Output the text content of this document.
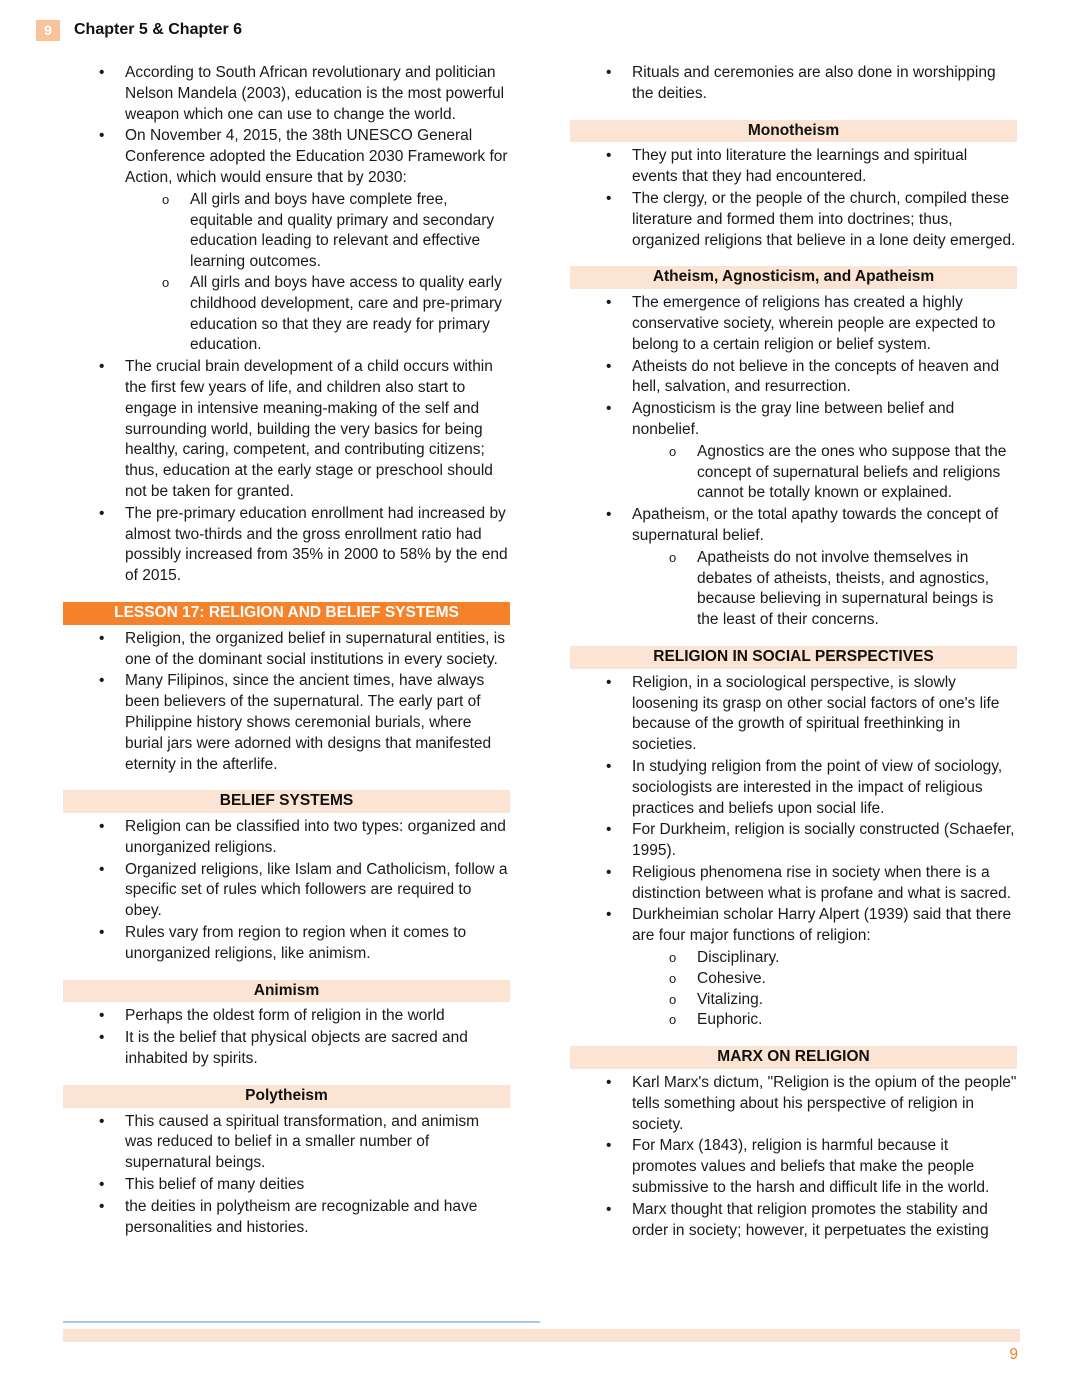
9	Chapter 5 & Chapter 6
• According to South African revolutionary and politician Nelson Mandela (2003), education is the most powerful weapon which one can use to change the world.
• On November 4, 2015, the 38th UNESCO General Conference adopted the Education 2030 Framework for Action, which would ensure that by 2030:
o All girls and boys have complete free, equitable and quality primary and secondary education leading to relevant and effective learning outcomes.
o All girls and boys have access to quality early childhood development, care and pre-primary education so that they are ready for primary education.
• The crucial brain development of a child occurs within the first few years of life, and children also start to engage in intensive meaning-making of the self and surrounding world, building the very basics for being healthy, caring, competent, and contributing citizens; thus, education at the early stage or preschool should not be taken for granted.
• The pre-primary education enrollment had increased by almost two-thirds and the gross enrollment ratio had possibly increased from 35% in 2000 to 58% by the end of 2015.
LESSON 17: RELIGION AND BELIEF SYSTEMS
• Religion, the organized belief in supernatural entities, is one of the dominant social institutions in every society.
• Many Filipinos, since the ancient times, have always been believers of the supernatural. The early part of Philippine history shows ceremonial burials, where burial jars were adorned with designs that manifested eternity in the afterlife.
BELIEF SYSTEMS
• Religion can be classified into two types: organized and unorganized religions.
• Organized religions, like Islam and Catholicism, follow a specific set of rules which followers are required to obey.
• Rules vary from region to region when it comes to unorganized religions, like animism.
Animism
• Perhaps the oldest form of religion in the world
• It is the belief that physical objects are sacred and inhabited by spirits.
Polytheism
• This caused a spiritual transformation, and animism was reduced to belief in a smaller number of supernatural beings.
• This belief of many deities
• the deities in polytheism are recognizable and have personalities and histories.
• Rituals and ceremonies are also done in worshipping the deities.
Monotheism
• They put into literature the learnings and spiritual events that they had encountered.
• The clergy, or the people of the church, compiled these literature and formed them into doctrines; thus, organized religions that believe in a lone deity emerged.
Atheism, Agnosticism, and Apatheism
• The emergence of religions has created a highly conservative society, wherein people are expected to belong to a certain religion or belief system.
• Atheists do not believe in the concepts of heaven and hell, salvation, and resurrection.
• Agnosticism is the gray line between belief and nonbelief.
o Agnostics are the ones who suppose that the concept of supernatural beliefs and religions cannot be totally known or explained.
• Apatheism, or the total apathy towards the concept of supernatural belief.
o Apatheists do not involve themselves in debates of atheists, theists, and agnostics, because believing in supernatural beings is the least of their concerns.
RELIGION IN SOCIAL PERSPECTIVES
• Religion, in a sociological perspective, is slowly loosening its grasp on other social factors of one's life because of the growth of spiritual freethinking in societies.
• In studying religion from the point of view of sociology, sociologists are interested in the impact of religious practices and beliefs upon social life.
• For Durkheim, religion is socially constructed (Schaefer, 1995).
• Religious phenomena rise in society when there is a distinction between what is profane and what is sacred.
• Durkheimian scholar Harry Alpert (1939) said that there are four major functions of religion:
o Disciplinary.
o Cohesive.
o Vitalizing.
o Euphoric.
MARX ON RELIGION
• Karl Marx's dictum, "Religion is the opium of the people" tells something about his perspective of religion in society.
• For Marx (1843), religion is harmful because it promotes values and beliefs that make the people submissive to the harsh and difficult life in the world.
• Marx thought that religion promotes the stability and order in society; however, it perpetuates the existing
9
